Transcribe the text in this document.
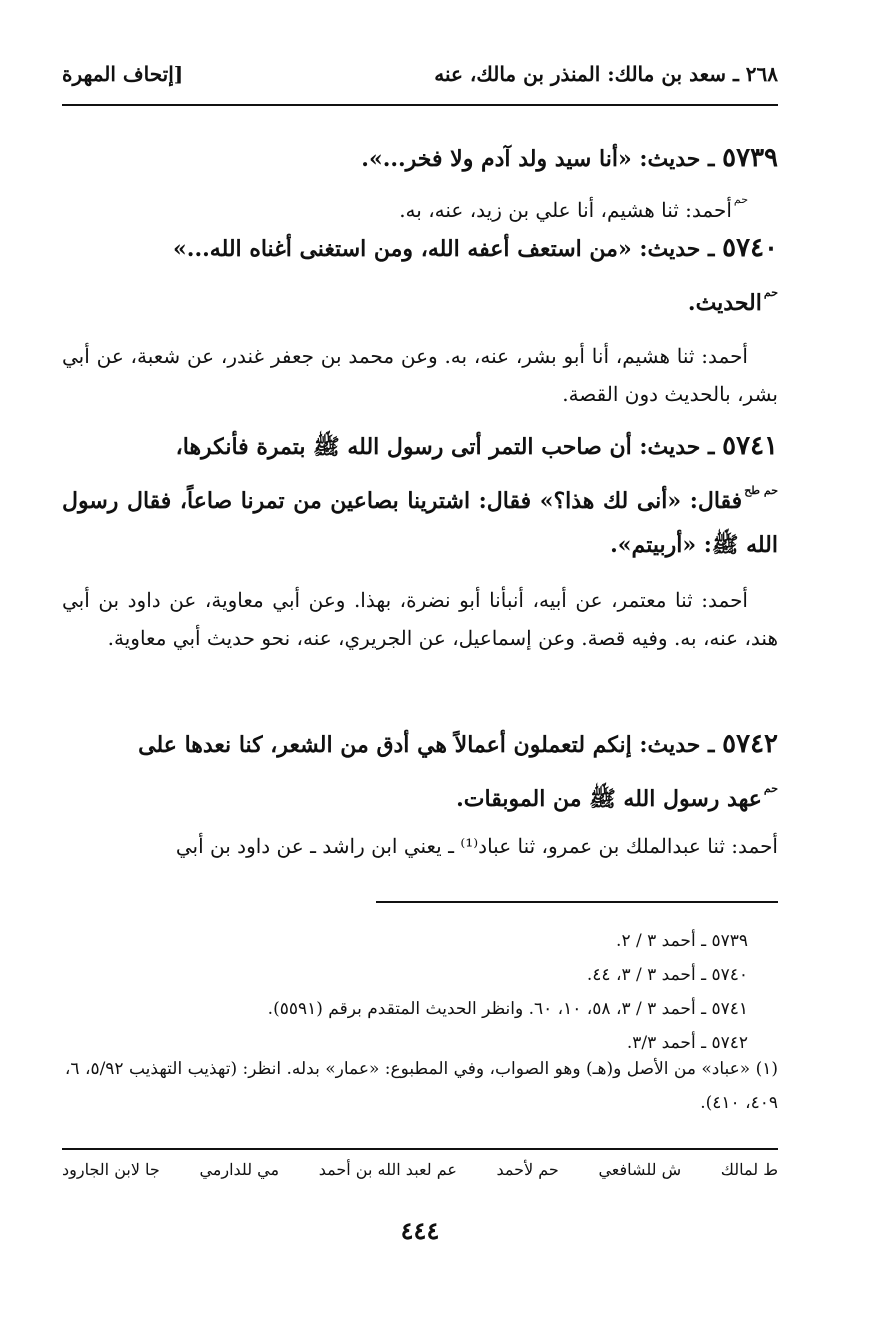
٢٦٨ ـ سعد بن مالك: المنذر بن مالك، عنه
[إتحاف المهرة
٥٧٣٩ ـ حديث: «أنا سيد ولد آدم ولا فخر...».
حمأحمد: ثنا هشيم، أنا علي بن زيد، عنه، به.
٥٧٤٠ ـ حديث: «من استعف أعفه الله، ومن استغنى أغناه الله...»
حمالحديث.
أحمد: ثنا هشيم، أنا أبو بشر، عنه، به. وعن محمد بن جعفر غندر، عن شعبة، عن أبي بشر، بالحديث دون القصة.
٥٧٤١ ـ حديث: أن صاحب التمر أتى رسول الله ﷺ بتمرة فأنكرها،
حم طحفقال: «أنى لك هذا؟» فقال: اشترينا بصاعين من تمرنا صاعاً، فقال رسول الله ﷺ: «أربيتم».
أحمد: ثنا معتمر، عن أبيه، أنبأنا أبو نضرة، بهذا. وعن أبي معاوية، عن داود بن أبي هند، عنه، به. وفيه قصة. وعن إسماعيل، عن الجريري، عنه، نحو حديث أبي معاوية.
٥٧٤٢ ـ حديث: إنكم لتعملون أعمالاً هي أدق من الشعر، كنا نعدها على
حمعهد رسول الله ﷺ من الموبقات.
أحمد: ثنا عبدالملك بن عمرو، ثنا عباد⁽¹⁾ ـ يعني ابن راشد ـ عن داود بن أبي
٥٧٣٩ ـ أحمد ٣ / ٢.
٥٧٤٠ ـ أحمد ٣ / ٣، ٤٤.
٥٧٤١ ـ أحمد ٣ / ٣، ٥٨، ١٠، ٦٠. وانظر الحديث المتقدم برقم (٥٥٩١).
٥٧٤٢ ـ أحمد ٣/٣.
(١) «عباد» من الأصل و(هـ) وهو الصواب، وفي المطبوع: «عمار» بدله. انظر: (تهذيب التهذيب ٥/٩٢، ٦، ٤٠٩، ٤١٠).
ط لمالك
ش للشافعي
حم لأحمد
عم لعبد الله بن أحمد
مي للدارمي
جا لابن الجارود
٤٤٤
